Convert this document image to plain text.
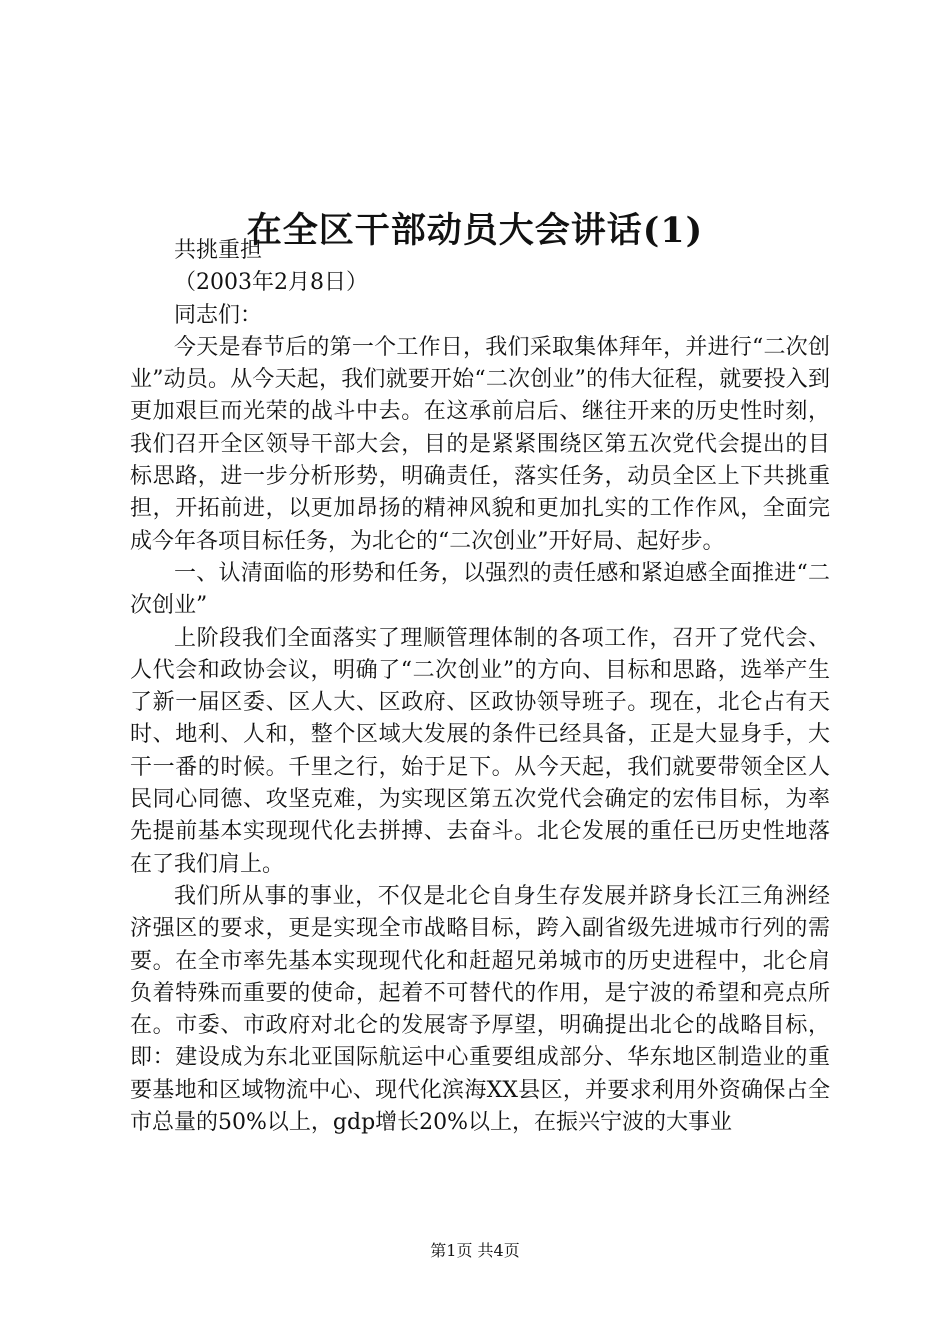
在全区干部动员大会讲话(1)

共挑重担

（2003年2月8日）

同志们：

今天是春节后的第一个工作日，我们采取集体拜年，并进行“二次创业”动员。从今天起，我们就要开始“二次创业”的伟大征程，就要投入到更加艰巨而光荣的战斗中去。在这承前启后、继往开来的历史性时刻，我们召开全区领导干部大会，目的是紧紧围绕区第五次党代会提出的目标思路，进一步分析形势，明确责任，落实任务，动员全区上下共挑重担，开拓前进，以更加昂扬的精神风貌和更加扎实的工作作风，全面完成今年各项目标任务，为北仑的“二次创业”开好局、起好步。

一、认清面临的形势和任务，以强烈的责任感和紧迫感全面推进“二次创业”

上阶段我们全面落实了理顺管理体制的各项工作，召开了党代会、人代会和政协会议，明确了“二次创业”的方向、目标和思路，选举产生了新一届区委、区人大、区政府、区政协领导班子。现在，北仑占有天时、地利、人和，整个区域大发展的条件已经具备，正是大显身手，大干一番的时候。千里之行，始于足下。从今天起，我们就要带领全区人民同心同德、攻坚克难，为实现区第五次党代会确定的宏伟目标，为率先提前基本实现现代化去拼搏、去奋斗。北仑发展的重任已历史性地落在了我们肩上。

我们所从事的事业，不仅是北仑自身生存发展并跻身长江三角洲经济强区的要求，更是实现全市战略目标，跨入副省级先进城市行列的需要。在全市率先基本实现现代化和赶超兄弟城市的历史进程中，北仑肩负着特殊而重要的使命，起着不可替代的作用，是宁波的希望和亮点所在。市委、市政府对北仑的发展寄予厚望，明确提出北仑的战略目标，即：建设成为东北亚国际航运中心重要组成部分、华东地区制造业的重要基地和区域物流中心、现代化滨海XX县区，并要求利用外资确保占全市总量的50%以上，gdp增长20%以上，在振兴宁波的大事业

第1页 共4页
